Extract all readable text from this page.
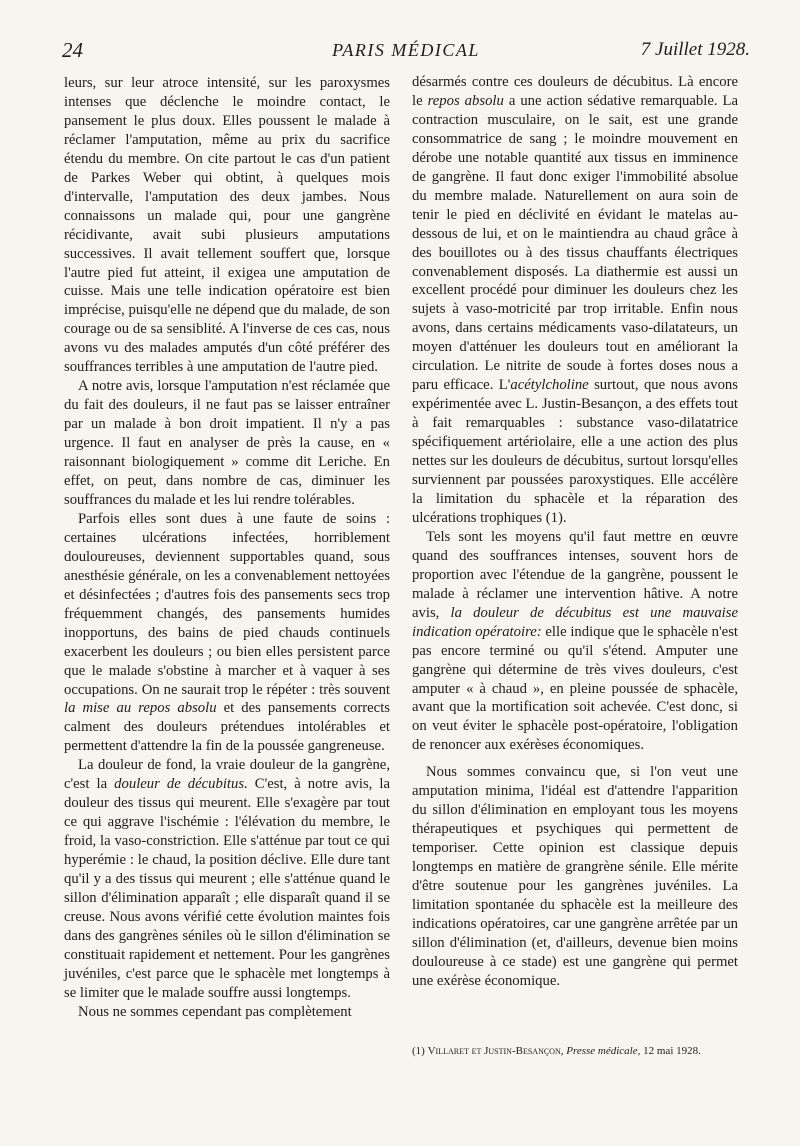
24	PARIS MÉDICAL	7 Juillet 1928.

leurs, sur leur atroce intensité, sur les paroxysmes intenses que déclenche le moindre contact, le pansement le plus doux. Elles poussent le malade à réclamer l'amputation, même au prix du sacrifice étendu du membre. On cite partout le cas d'un patient de Parkes Weber qui obtint, à quelques mois d'intervalle, l'amputation des deux jambes. Nous connaissons un malade qui, pour une gangrène récidivante, avait subi plusieurs amputations successives. Il avait tellement souffert que, lorsque l'autre pied fut atteint, il exigea une amputation de cuisse. Mais une telle indication opératoire est bien imprécise, puisqu'elle ne dépend que du malade, de son courage ou de sa sensiblité. A l'inverse de ces cas, nous avons vu des malades amputés d'un côté préférer des souffrances terribles à une amputation de l'autre pied.

A notre avis, lorsque l'amputation n'est réclamée que du fait des douleurs, il ne faut pas se laisser entraîner par un malade à bon droit impatient. Il n'y a pas urgence. Il faut en analyser de près la cause, en « raisonnant biologiquement » comme dit Leriche. En effet, on peut, dans nombre de cas, diminuer les souffrances du malade et les lui rendre tolérables.

Parfois elles sont dues à une faute de soins : certaines ulcérations infectées, horriblement douloureuses, deviennent supportables quand, sous anesthésie générale, on les a convenablement nettoyées et désinfectées ; d'autres fois des pansements secs trop fréquemment changés, des pansements humides inopportuns, des bains de pied chauds continuels exacerbent les douleurs ; ou bien elles persistent parce que le malade s'obstine à marcher et à vaquer à ses occupations. On ne saurait trop le répéter : très souvent la mise au repos absolu et des pansements corrects calment des douleurs prétendues intolérables et permettent d'attendre la fin de la poussée gangreneuse.

La douleur de fond, la vraie douleur de la gangrène, c'est la douleur de décubitus. C'est, à notre avis, la douleur des tissus qui meurent. Elle s'exagère par tout ce qui aggrave l'ischémie : l'élévation du membre, le froid, la vaso-constriction. Elle s'atténue par tout ce qui hyperémie : le chaud, la position déclive. Elle dure tant qu'il y a des tissus qui meurent ; elle s'atténue quand le sillon d'élimination apparaît ; elle disparaît quand il se creuse. Nous avons vérifié cette évolution maintes fois dans des gangrènes séniles où le sillon d'élimination se constituait rapidement et nettement. Pour les gangrènes juvéniles, c'est parce que le sphacèle met longtemps à se limiter que le malade souffre aussi longtemps.

Nous ne sommes cependant pas complètement

désarmés contre ces douleurs de décubitus. Là encore le repos absolu a une action sédative remarquable. La contraction musculaire, on le sait, est une grande consommatrice de sang ; le moindre mouvement en dérobe une notable quantité aux tissus en imminence de gangrène. Il faut donc exiger l'immobilité absolue du membre malade. Naturellement on aura soin de tenir le pied en déclivité en évidant le matelas au-dessous de lui, et on le maintiendra au chaud grâce à des bouillotes ou à des tissus chauffants électriques convenablement disposés. La diathermie est aussi un excellent procédé pour diminuer les douleurs chez les sujets à vaso-motricité par trop irritable. Enfin nous avons, dans certains médicaments vaso-dilatateurs, un moyen d'atténuer les douleurs tout en améliorant la circulation. Le nitrite de soude à fortes doses nous a paru efficace. L'acétylcholine surtout, que nous avons expérimentée avec L. Justin-Besançon, a des effets tout à fait remarquables : substance vaso-dilatatrice spécifiquement artériolaire, elle a une action des plus nettes sur les douleurs de décubitus, surtout lorsqu'elles surviennent par poussées paroxystiques. Elle accélère la limitation du sphacèle et la réparation des ulcérations trophiques (1).

Tels sont les moyens qu'il faut mettre en œuvre quand des souffrances intenses, souvent hors de proportion avec l'étendue de la gangrène, poussent le malade à réclamer une intervention hâtive. A notre avis, la douleur de décubitus est une mauvaise indication opératoire: elle indique que le sphacèle n'est pas encore terminé ou qu'il s'étend. Amputer une gangrène qui détermine de très vives douleurs, c'est amputer « à chaud », en pleine poussée de sphacèle, avant que la mortification soit achevée. C'est donc, si on veut éviter le sphacèle post-opératoire, l'obligation de renoncer aux exérèses économiques.

Nous sommes convaincu que, si l'on veut une amputation minima, l'idéal est d'attendre l'apparition du sillon d'élimination en employant tous les moyens thérapeutiques et psychiques qui permettent de temporiser. Cette opinion est classique depuis longtemps en matière de grangrène sénile. Elle mérite d'être soutenue pour les gangrènes juvéniles. La limitation spontanée du sphacèle est la meilleure des indications opératoires, car une gangrène arrêtée par un sillon d'élimination (et, d'ailleurs, devenue bien moins douloureuse à ce stade) est une gangrène qui permet une exérèse économique.

(1) Villaret et Justin-Besançon, Presse médicale, 12 mai 1928.
